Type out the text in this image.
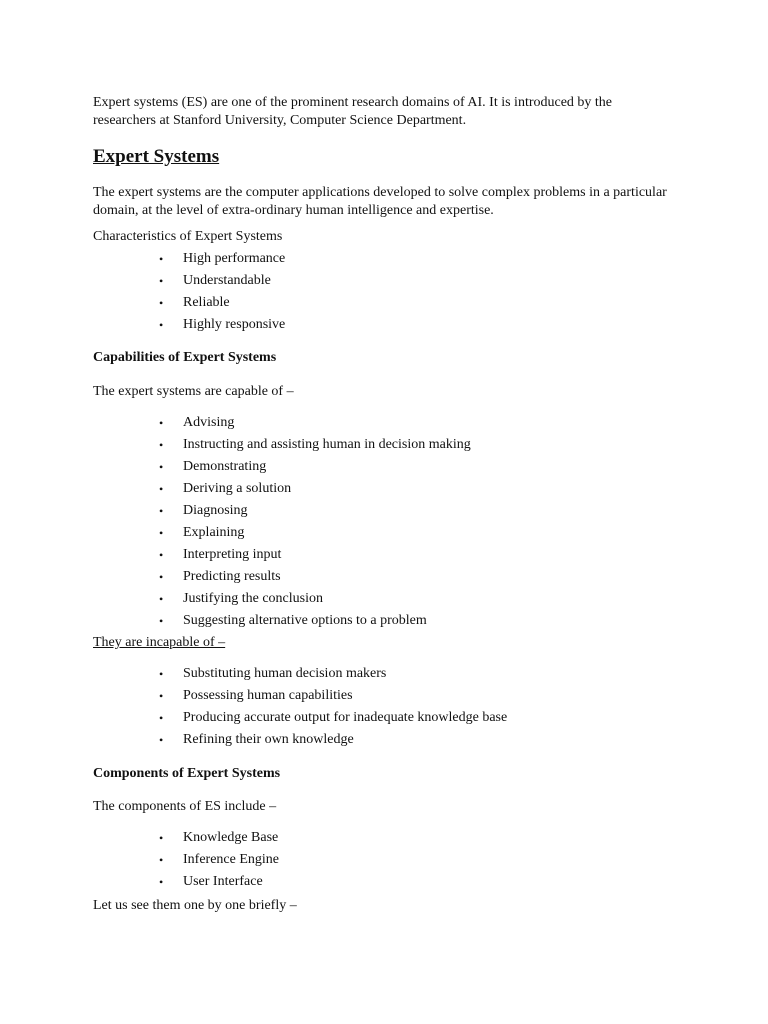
Expert systems (ES) are one of the prominent research domains of AI. It is introduced by the researchers at Stanford University, Computer Science Department.

Expert Systems

The expert systems are the computer applications developed to solve complex problems in a particular domain, at the level of extra-ordinary human intelligence and expertise.

Characteristics of Expert Systems
• High performance
• Understandable
• Reliable
• Highly responsive
Capabilities of Expert Systems
The expert systems are capable of –
• Advising
• Instructing and assisting human in decision making
• Demonstrating
• Deriving a solution
• Diagnosing
• Explaining
• Interpreting input
• Predicting results
• Justifying the conclusion
• Suggesting alternative options to a problem
They are incapable of –
• Substituting human decision makers
• Possessing human capabilities
• Producing accurate output for inadequate knowledge base
• Refining their own knowledge
Components of Expert Systems
The components of ES include –
• Knowledge Base
• Inference Engine
• User Interface
Let us see them one by one briefly –
